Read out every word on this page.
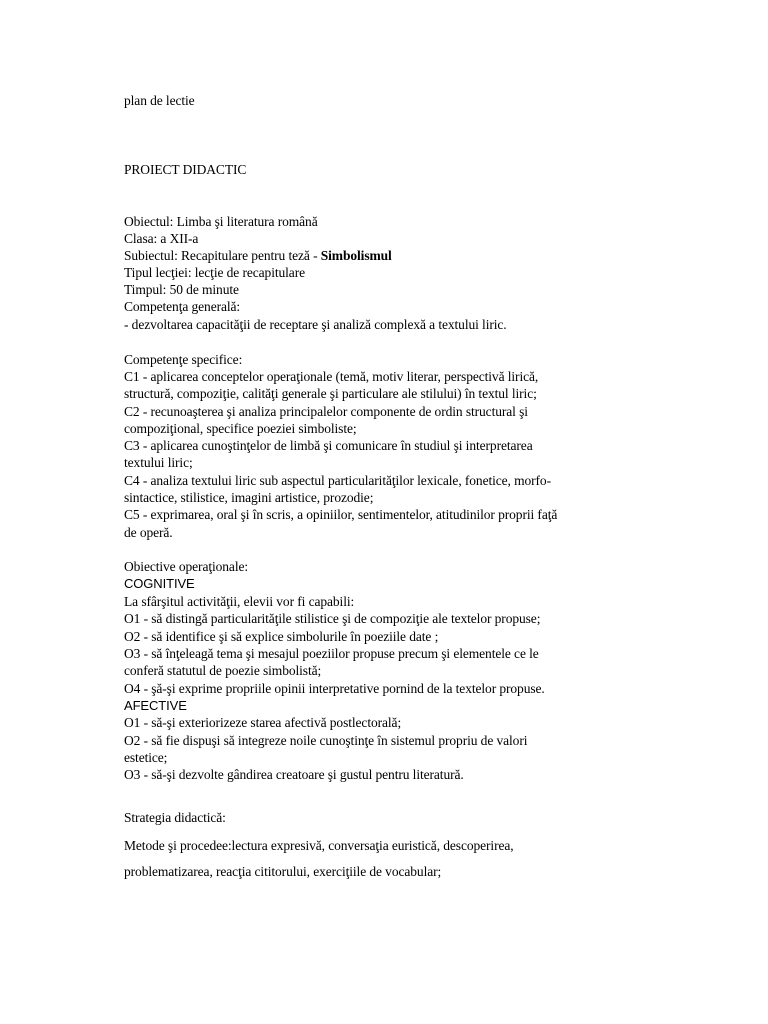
plan de lectie
PROIECT DIDACTIC
Obiectul: Limba şi literatura română
Clasa: a XII-a
Subiectul: Recapitulare pentru teză - Simbolismul
Tipul lecţiei: lecţie de recapitulare
Timpul: 50 de minute
Competenţa generală:
- dezvoltarea capacităţii de receptare şi analiză complexă a textului liric.
Competenţe specifice:
C1 - aplicarea conceptelor operaţionale (temă, motiv literar, perspectivă lirică,
structură, compoziţie, calităţi generale şi particulare ale stilului) în textul liric;
C2 - recunoaşterea şi analiza principalelor componente de ordin structural şi
compoziţional, specifice poeziei simboliste;
C3 - aplicarea cunoştinţelor de limbă şi comunicare în studiul şi interpretarea
textului liric;
C4 - analiza textului liric sub aspectul particularităţilor lexicale, fonetice, morfo-
sintactice, stilistice, imagini artistice, prozodie;
C5 - exprimarea, oral şi în scris, a opiniilor, sentimentelor, atitudinilor proprii faţă
de operă.
Obiective operaţionale:
COGNITIVE
La sfârşitul activităţii, elevii vor fi capabili:
O1 - să distingă particularităţile stilistice şi de compoziţie ale textelor propuse;
O2 - să identifice şi să explice simbolurile în poeziile date ;
O3 - să înţeleagă tema şi mesajul poeziilor propuse precum şi elementele ce le
conferă statutul de poezie simbolistă;
O4 - şă-şi exprime propriile opinii interpretative pornind de la textelor propuse.
AFECTIVE
O1 - să-şi exteriorizeze starea afectivă postlectorală;
O2 - să fie dispuşi să integreze noile cunoştinţe în sistemul propriu de valori
estetice;
O3 - să-şi dezvolte gândirea creatoare şi gustul pentru literatură.
Strategia didactică:
Metode şi procedee:lectura expresivă, conversaţia euristică, descoperirea,
problematizarea, reacţia cititorului, exerciţiile de vocabular;
